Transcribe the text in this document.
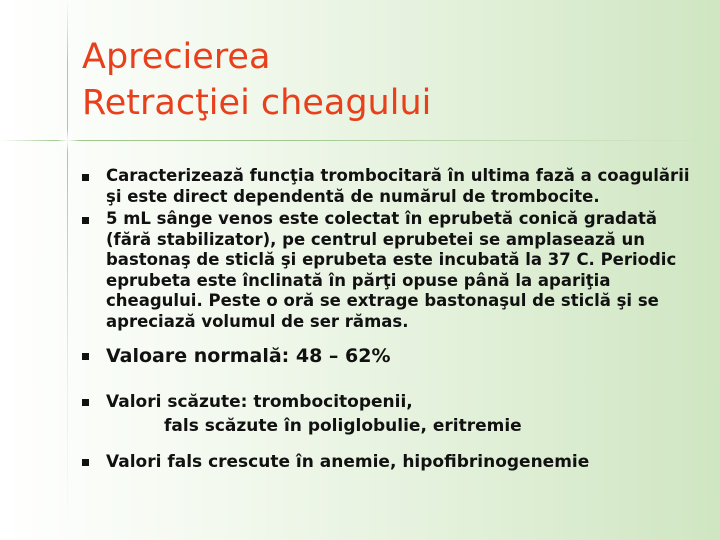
Aprecierea
Retracţiei cheagului
Caracterizează funcţia trombocitară în ultima fază a coagulării şi este direct dependentă de numărul de trombocite.
5 mL sânge venos este colectat în eprubetă conică gradată (fără stabilizator), pe centrul eprubetei se amplasează un bastonaş de sticlă şi eprubeta este incubată la 37 C. Periodic eprubeta este înclinată în părţi opuse până la apariţia cheagului. Peste o oră se extrage bastonaşul de sticlă şi se apreciază volumul de ser rămas.
Valoare normală: 48 – 62%
Valori scăzute: trombocitopenii,
fals scăzute în poliglobulie, eritremie
Valori fals crescute în anemie, hipofibrinogenemie
